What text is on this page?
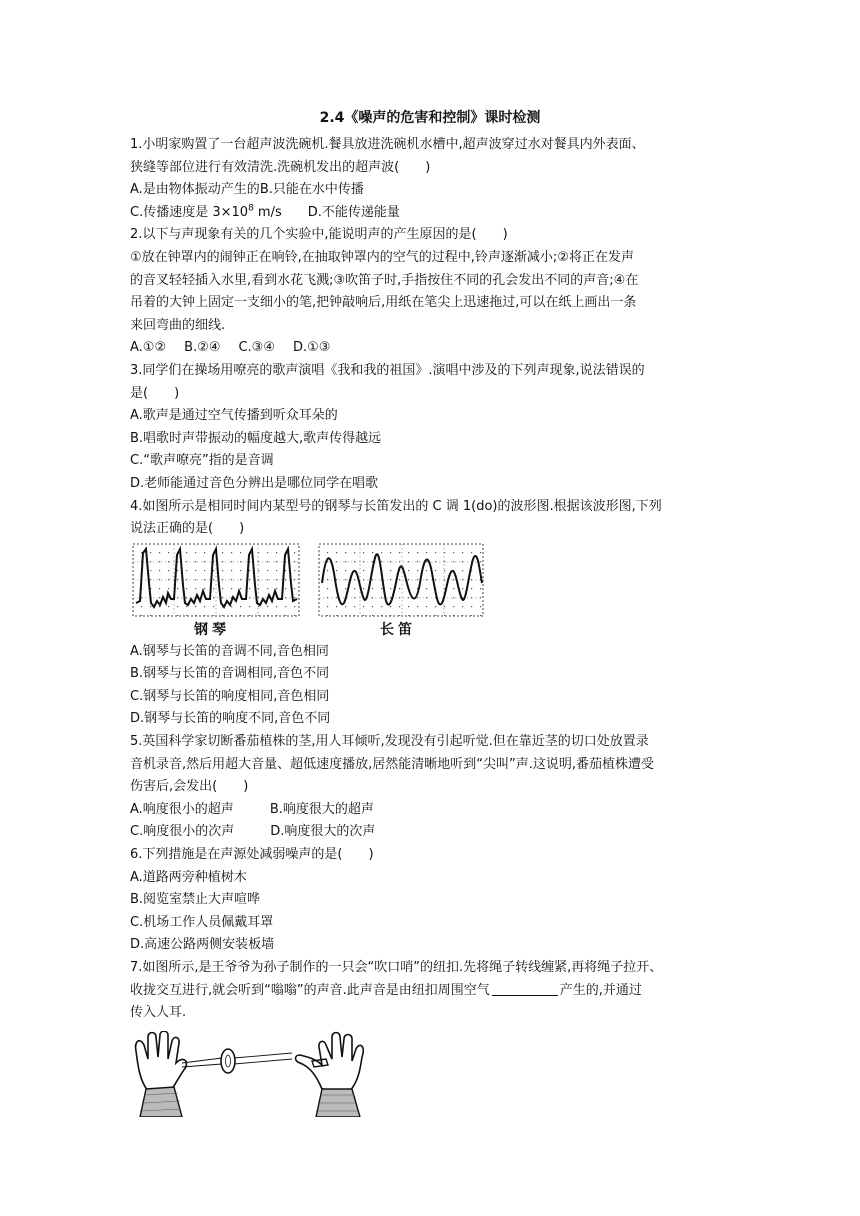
2.4《噪声的危害和控制》课时检测
1.小明家购置了一台超声波洗碗机.餐具放进洗碗机水槽中,超声波穿过水对餐具内外表面、
狭缝等部位进行有效清洗.洗碗机发出的超声波(　　)
A.是由物体振动产生的B.只能在水中传播
C.传播速度是 $3\times 10^8$ m/s D.不能传递能量
2.以下与声现象有关的几个实验中,能说明声的产生原因的是(　　)
①放在钟罩内的闹钟正在响铃,在抽取钟罩内的空气的过程中,铃声逐渐减小;②将正在发声
的音叉轻轻插入水里,看到水花飞溅;③吹笛子时,手指按住不同的孔会发出不同的声音;④在
吊着的大钟上固定一支细小的笔,把钟敲响后,用纸在笔尖上迅速拖过,可以在纸上画出一条
来回弯曲的细线.
A.①② B.②④ C.③④ D.①③
3.同学们在操场用嘹亮的歌声演唱《我和我的祖国》.演唱中涉及的下列声现象,说法错误的
是(　　)
A.歌声是通过空气传播到听众耳朵的
B.唱歌时声带振动的幅度越大,歌声传得越远
C.“歌声嘹亮”指的是音调
D.老师能通过音色分辨出是哪位同学在唱歌
4.如图所示是相同时间内某型号的钢琴与长笛发出的 C 调 1(do)的波形图.根据该波形图,下列
说法正确的是(　　)
钢琴	长笛
A.钢琴与长笛的音调不同,音色相同
B.钢琴与长笛的音调相同,音色不同
C.钢琴与长笛的响度相同,音色相同
D.钢琴与长笛的响度不同,音色不同
5.英国科学家切断番茄植株的茎,用人耳倾听,发现没有引起听觉.但在靠近茎的切口处放置录
音机录音,然后用超大音量、超低速度播放,居然能清晰地听到“尖叫”声.这说明,番茄植株遭受
伤害后,会发出(　　)
A.响度很小的超声	B.响度很大的超声
C.响度很小的次声	D.响度很大的次声
6.下列措施是在声源处减弱噪声的是(　　)
A.道路两旁种植树木
B.阅览室禁止大声喧哗
C.机场工作人员佩戴耳罩
D.高速公路两侧安装板墙
7.如图所示,是王爷爷为孙子制作的一只会“吹口哨”的纽扣.先将绳子转线缠紧,再将绳子拉开、
收拢交互进行,就会听到“嗡嗡”的声音.此声音是由纽扣周围空气	产生的,并通过
传入人耳.
